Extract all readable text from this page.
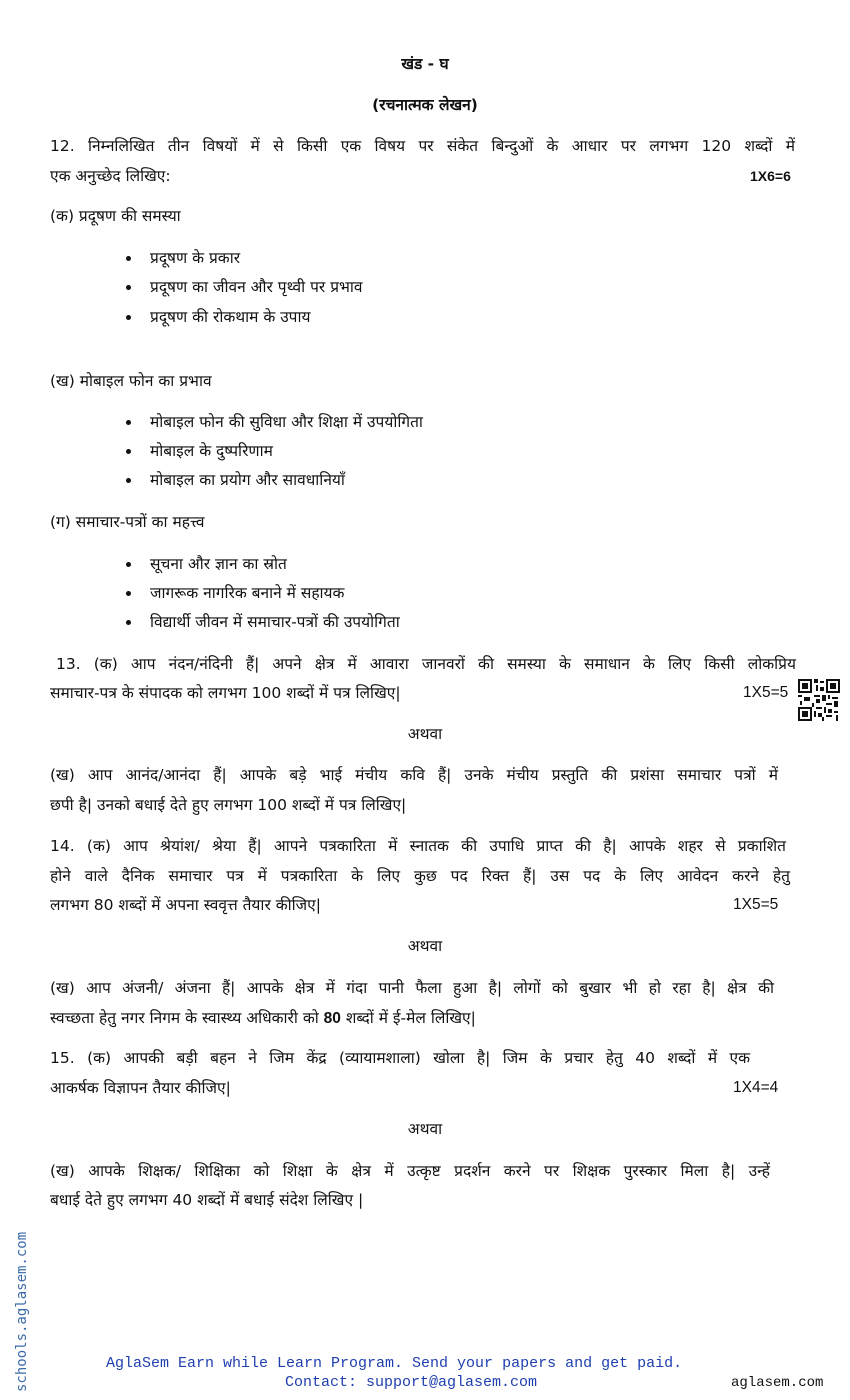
खंड - घ
(रचनात्मक लेखन)
12. निम्नलिखित तीन विषयों में से किसी एक विषय पर संकेत बिन्दुओं के आधार पर लगभग 120 शब्दों में
एक अनुच्छेद लिखिए:	1X6=6
(क) प्रदूषण की समस्या
प्रदूषण के प्रकार
प्रदूषण का जीवन और पृथ्वी पर प्रभाव
प्रदूषण की रोकथाम के उपाय
(ख) मोबाइल फोन का प्रभाव
मोबाइल फोन की सुविधा और शिक्षा में उपयोगिता
मोबाइल के दुष्परिणाम
मोबाइल का प्रयोग और सावधानियाँ
(ग) समाचार-पत्रों का महत्त्व
सूचना और ज्ञान का स्रोत
जागरूक नागरिक बनाने में सहायक
विद्यार्थी जीवन में समाचार-पत्रों की उपयोगिता
13. (क) आप नंदन/नंदिनी हैं| अपने क्षेत्र में आवारा जानवरों की समस्या के समाधान के लिए किसी लोकप्रिय
समाचार-पत्र के संपादक को लगभग 100 शब्दों में पत्र लिखिए|	1X5=5
अथवा
(ख) आप आनंद/आनंदा हैं| आपके बड़े भाई मंचीय कवि हैं| उनके मंचीय प्रस्तुति की प्रशंसा समाचार पत्रों में
छपी है| उनको बधाई देते हुए लगभग 100 शब्दों में पत्र लिखिए|
14. (क) आप श्रेयांश/ श्रेया हैं| आपने पत्रकारिता में स्नातक की उपाधि प्राप्त की है| आपके शहर से प्रकाशित
होने वाले दैनिक समाचार पत्र में पत्रकारिता के लिए कुछ पद रिक्त हैं| उस पद के लिए आवेदन करने हेतु
लगभग 80 शब्दों में अपना स्ववृत्त तैयार कीजिए|	1X5=5
अथवा
(ख) आप अंजनी/ अंजना हैं| आपके क्षेत्र में गंदा पानी फैला हुआ है| लोगों को बुखार भी हो रहा है| क्षेत्र की
स्वच्छता हेतु नगर निगम के स्वास्थ्य अधिकारी को 80 शब्दों में ई-मेल लिखिए|
15. (क) आपकी बड़ी बहन ने जिम केंद्र (व्यायामशाला) खोला है| जिम के प्रचार हेतु 40 शब्दों में एक
आकर्षक विज्ञापन तैयार कीजिए|	1X4=4
अथवा
(ख) आपके शिक्षक/ शिक्षिका को शिक्षा के क्षेत्र में उत्कृष्ट प्रदर्शन करने पर शिक्षक पुरस्कार मिला है| उन्हें
बधाई देते हुए लगभग 40 शब्दों में बधाई संदेश लिखिए |
schools.aglasem.com	AglaSem Earn while Learn Program. Send your papers and get paid.
Contact: support@aglasem.com	aglasem.com
